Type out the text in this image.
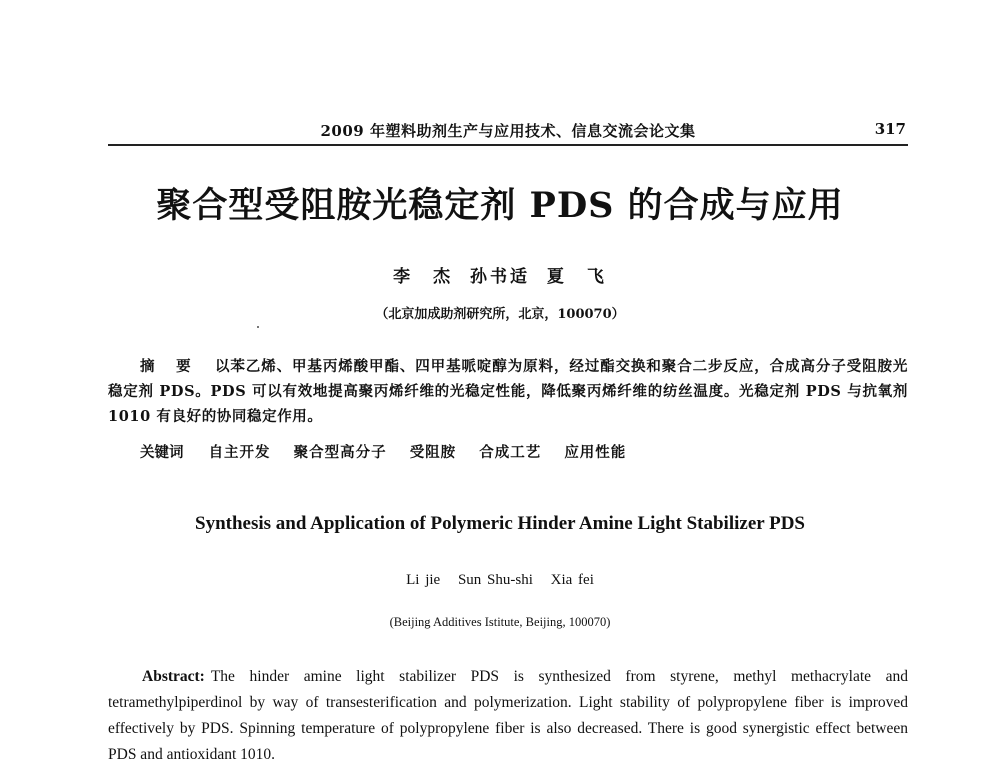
2009 年塑料助剂生产与应用技术、信息交流会论文集	317
聚合型受阻胺光稳定剂 PDS 的合成与应用
李　杰 孙书适 夏　飞
（北京加成助剂研究所，北京，100070）
摘 要 以苯乙烯、甲基丙烯酸甲酯、四甲基哌啶醇为原料，经过酯交换和聚合二步反应，合成高分子受阻胺光稳定剂 PDS。PDS 可以有效地提高聚丙烯纤维的光稳定性能，降低聚丙烯纤维的纺丝温度。光稳定剂 PDS 与抗氧剂 1010 有良好的协同稳定作用。
关键词 自主开发 聚合型高分子 受阻胺 合成工艺 应用性能
Synthesis and Application of Polymeric Hinder Amine Light Stabilizer PDS
Li jie Sun Shu-shi Xia fei
(Beijing Additives Istitute, Beijing, 100070)
Abstract: The hinder amine light stabilizer PDS is synthesized from styrene, methyl methacrylate and tetramethylpiperdinol by way of transesterification and polymerization. Light stability of polypropylene fiber is improved effectively by PDS. Spinning temperature of polypropylene fiber is also decreased. There is good synergistic effect between PDS and antioxidant 1010.
